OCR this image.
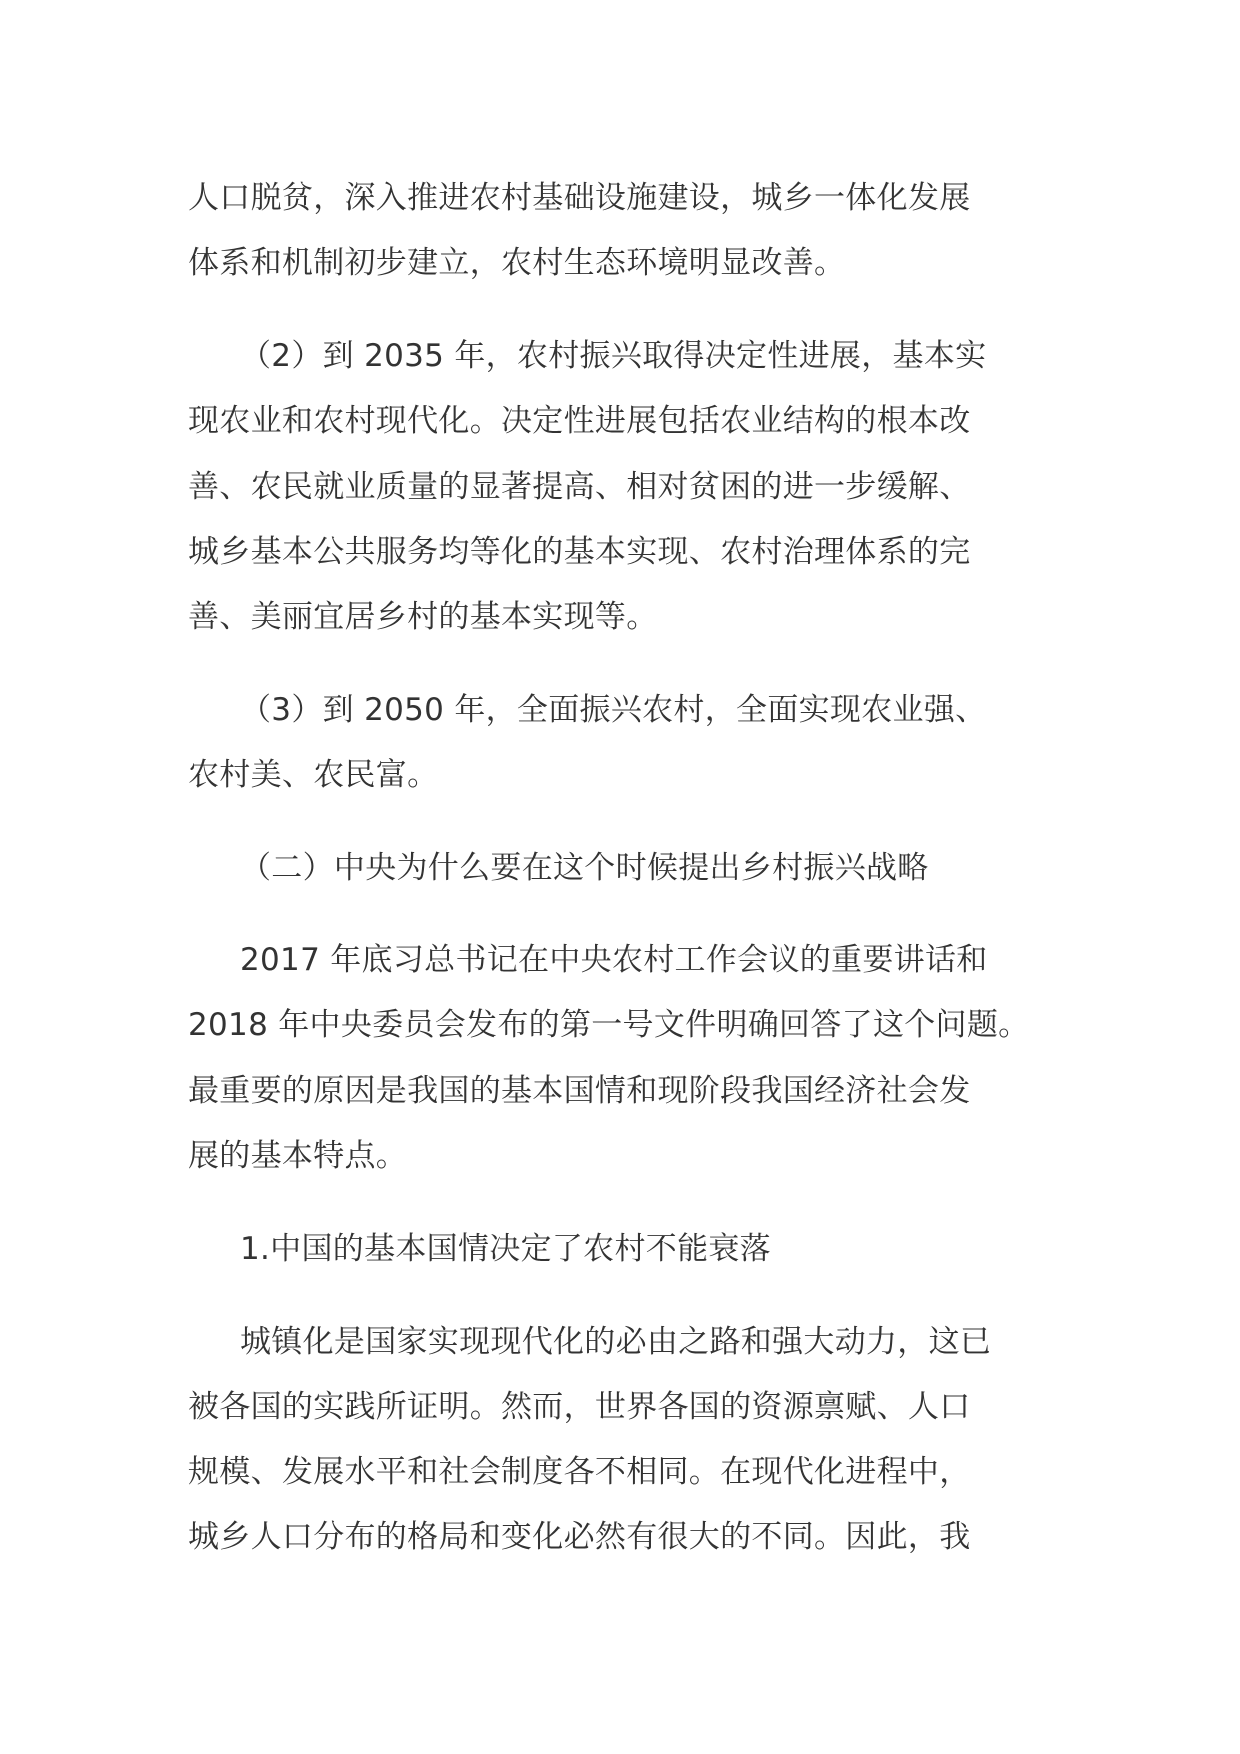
人口脱贫，深入推进农村基础设施建设，城乡一体化发展

体系和机制初步建立，农村生态环境明显改善。

（2）到 2035 年，农村振兴取得决定性进展，基本实

现农业和农村现代化。决定性进展包括农业结构的根本改

善、农民就业质量的显著提高、相对贫困的进一步缓解、

城乡基本公共服务均等化的基本实现、农村治理体系的完

善、美丽宜居乡村的基本实现等。

（3）到 2050 年，全面振兴农村，全面实现农业强、

农村美、农民富。

（二）中央为什么要在这个时候提出乡村振兴战略

2017 年底习总书记在中央农村工作会议的重要讲话和

2018 年中央委员会发布的第一号文件明确回答了这个问题。

最重要的原因是我国的基本国情和现阶段我国经济社会发

展的基本特点。

1.中国的基本国情决定了农村不能衰落

城镇化是国家实现现代化的必由之路和强大动力，这已

被各国的实践所证明。然而，世界各国的资源禀赋、人口

规模、发展水平和社会制度各不相同。在现代化进程中，

城乡人口分布的格局和变化必然有很大的不同。因此，我
